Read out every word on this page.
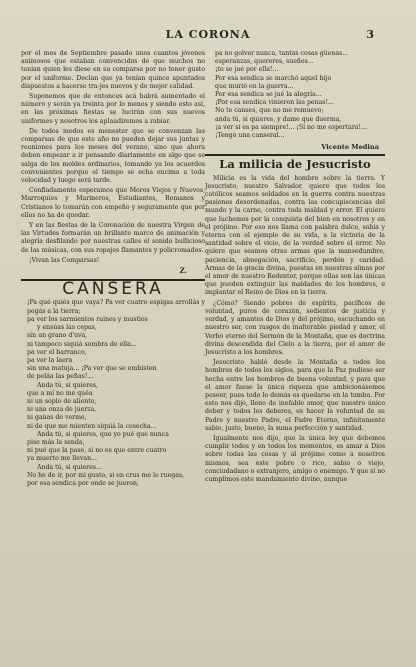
LA CORONA	3

por el mes de Septiembre pasado unos cuantos jóvenes animosos que estaban convencidos de que muchos no tenían quien les diese en su comparsa por no tener gusto por el uniforme. Declan que ya tenían quince apuntados dispuestos a hacerse tra-jes nuevos y de mejor calidad.

Suponemos que de entonces acá habrá aumentado el número y serán ya treinta por lo menos y siendo esto así, en las próximas fiestas se lucirán con sus nuevos uniformes y nosotros los aplaudiremos a rabiar.

De todos modos es menester que se convenzan las comparsas de que este año no pueden dejar sus juntas y reuniones para los meses del verano, sino que ahora deben empezar a ir pensando diariamente en algo que se salga de los moldes ordinarios, tomando ya los acuerdos convenientes porque el tiempo se echa encima a toda velocidad y luego será tarde.

Confiadamente esperamos que Moros Viejos y Nuevos, Marroquíes y Marineros, Estudiantes, Romanos y Cristianos lo tomarán con empeño y seguramente que por ellos no ha de quedar.

Y en las fiestas de la Coronación de nuestra Virgen de las Virtudes formarán un brillante marco de animación y alegría desfilando por nuestras calles el sonido bullicioso de las músicas, con sus ropajes flamantes y policromados.

¡Vivan las Comparsas!

Z.
CANSERA

¡Pa qué quiés que vaya? Pa ver cuatro espigas arrollás y pegás a la tierra;

pa ver los sarmientos ruines y mustios

y ensúas las cepas,

sin un grano d'uva,

ni tampoco siquiá sombra de ella...

pa ver el barranco,

pa ver la laera

sin una matuja... ¡Pa ver que se embisten

de peláa las peñas!...

Anda tú, si quieres,

que a mí no me quéa

ni un soplo de aliento,

ni una onza de juerza,

ni ganas de verme,

ni de que me mienten siquiá la cosecha...

Anda tú, si quieres, que yo pué que nunca

pise más la senda,

ni pué que la pase, si no es que entre cuatro

ya muerto me llevan...

Anda tú, si quieres...

No he de ir, por mi gusto, si en crus me lo ruegas,

por esa sendica por onde se jueron,

pa no golver nunca, tantas cosas güenas...

esperanzas, quereres, sueños...

¡to se jué por ella!...

Por esa sendica se marchó aquel hijo

que murió en la guerra...

Por esa sendica se jué la alegría...

¡Por esa sendica vinieron las penas!...

No te canses, que no me remuevo;

anda tú, si quieres, y dame que duerma,

¡a ver si es pa siempre!... ¡Si no me espertara!...

¡Tengo una canseral...

Vicente Medina
La milicia de Jesucristo

Milicia es la vida del hombre sobre la tierra. Y Jesucristo, nuestro Salvador, quiere que todos los católicos seamos soldados en la guerra contra nuestras pasiones desordenadas, contra las concupiscencias del mundo y la carne, contra toda maldad y error. El quiere que luchemos por la conquista del bien en nosotros y en el prójimo. Por eso nos llama con palabra dulce, sabia y eterna con el ejemplo de su vida, a la victoria de la santidad sobre el vicio, de la verdad sobre el error. No quiere que seamos otras armas que la mansedumbre, paciencia, abnegación, sacrificio, perdón y caridad. Armas de la gracia divina, puestas en nuestras almas por el amor de nuestro Redentor, porque ellas son las únicas que pueden extinguir las maldades de los hombres, e implantar el Reino de Dios en la tierra.

¿Cómo? Siendo pobres de espíritu, pacíficos de voluntad, puros de corazón, sedientos de justicia y verdad, y amantes de Dios y del prójimo, escuchando en nuestro ser, con rasgos de inalterable piedad y amor, el Verbo eterno del Sermón de la Montaña, que es doctrina divina descendida del Cielo a la tierra, por el amor de Jesucristo a los hombres.

Jesucristo habló desde la Montaña a todos los hombres de todos los siglos, para que la Paz pudiese ser hecha entre los hombres de buena voluntad, y para que el amor fuese la única riqueza que ambicionásemos poseer, pues todo lo demás es quedarse en la tumba. Por esto nos dijo, lleno de inefable amor, que nuestro único deber y todos los deberes, es hacer la voluntad de su Padre y nuestro Padre, el Padre Eterno, infinitamente sabio, justo, bueno, la suma perfección y santidad.

Igualmente nos dijo, que la única ley que debemos cumplir todos y en todos los momentos, es amar a Dios sobre todas las cosas y al prójimo como a nosotros mismos, sea este pobre o rico, sabio o viejo, conciudadano o extranjero, amigo o enemigo. Y que si no cumplimos este mandamiento divino, aunque
